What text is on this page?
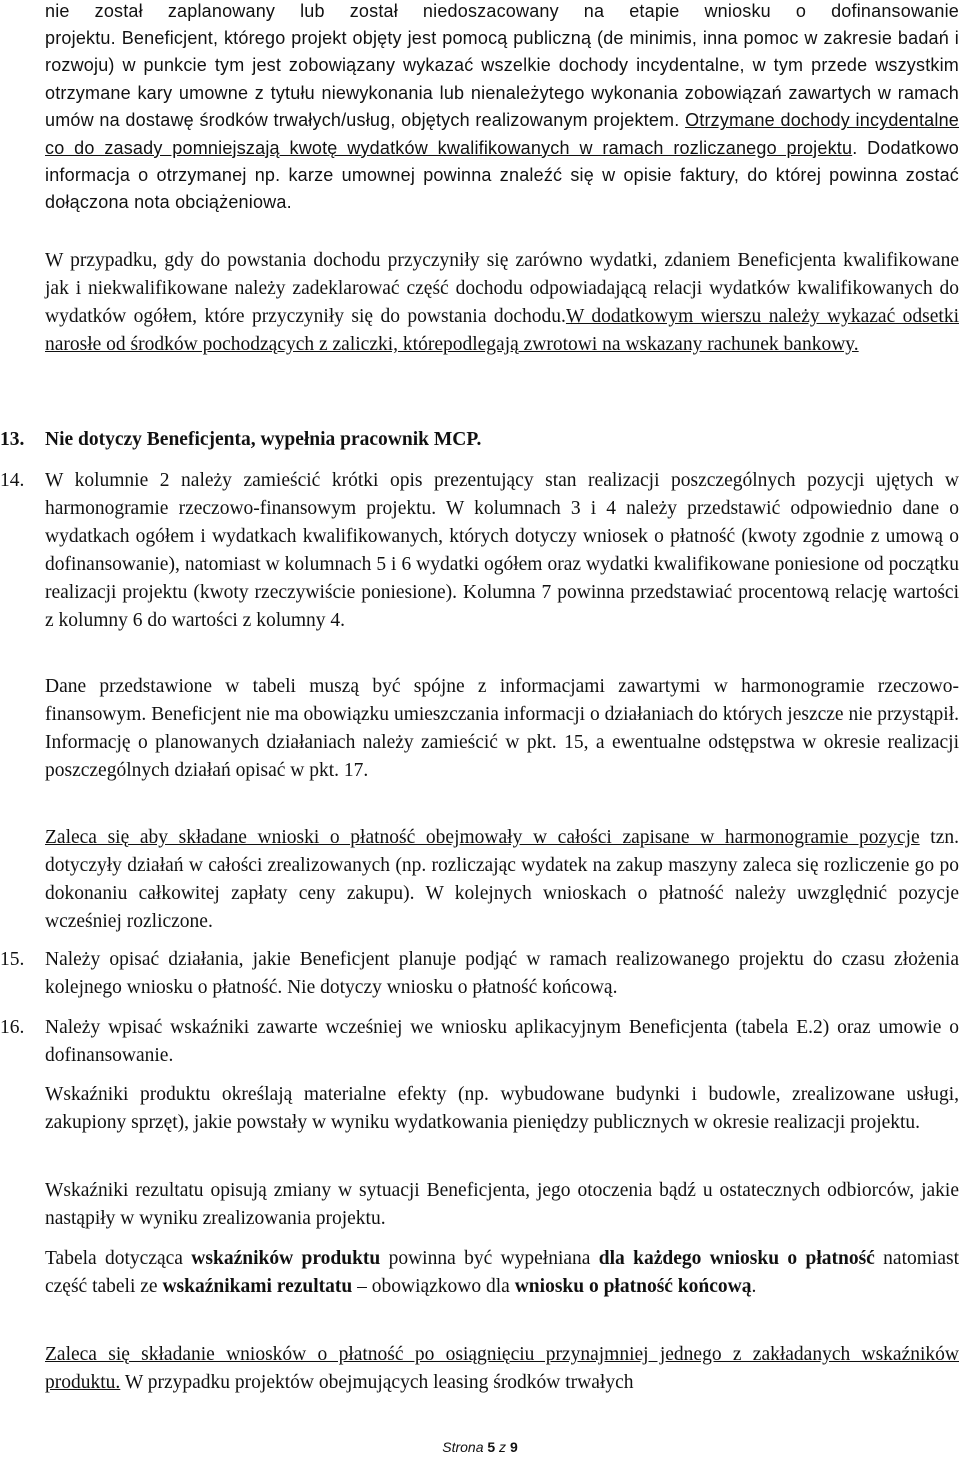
nie został zaplanowany lub został niedoszacowany na etapie wniosku o dofinansowanie

projektu. Beneficjent, którego projekt objęty jest pomocą publiczną (de minimis, inna pomoc w zakresie badań i rozwoju) w punkcie tym jest zobowiązany wykazać wszelkie dochody incydentalne, w tym przede wszystkim otrzymane kary umowne z tytułu niewykonania lub nienależytego wykonania zobowiązań zawartych w ramach umów na dostawę środków trwałych/usług, objętych realizowanym projektem. Otrzymane dochody incydentalne co do zasady pomniejszają kwotę wydatków kwalifikowanych w ramach rozliczanego projektu. Dodatkowo informacja o otrzymanej np. karze umownej powinna znaleźć się w opisie faktury, do której powinna zostać dołączona nota obciążeniowa.

W przypadku, gdy do powstania dochodu przyczyniły się zarówno wydatki, zdaniem Beneficjenta kwalifikowane jak i niekwalifikowane należy zadeklarować część dochodu odpowiadającą relacji wydatków kwalifikowanych do wydatków ogółem, które przyczyniły się do powstania dochodu.W dodatkowym wierszu należy wykazać odsetki narosłe od środków pochodzących z zaliczki, którepodlegają zwrotowi na wskazany rachunek bankowy.

13. Nie dotyczy Beneficjenta, wypełnia pracownik MCP.

14. W kolumnie 2 należy zamieścić krótki opis prezentujący stan realizacji poszczególnych pozycji ujętych w harmonogramie rzeczowo-finansowym projektu. W kolumnach 3 i 4 należy przedstawić odpowiednio dane o wydatkach ogółem i wydatkach kwalifikowanych, których dotyczy wniosek o płatność (kwoty zgodnie z umową o dofinansowanie), natomiast w kolumnach 5 i 6 wydatki ogółem oraz wydatki kwalifikowane poniesione od początku realizacji projektu (kwoty rzeczywiście poniesione). Kolumna 7 powinna przedstawiać procentową relację wartości z kolumny 6 do wartości z kolumny 4.

Dane przedstawione w tabeli muszą być spójne z informacjami zawartymi w harmonogramie rzeczowo-finansowym. Beneficjent nie ma obowiązku umieszczania informacji o działaniach do których jeszcze nie przystąpił. Informację o planowanych działaniach należy zamieścić w pkt. 15, a ewentualne odstępstwa w okresie realizacji poszczególnych działań opisać w pkt. 17.

Zaleca się aby składane wnioski o płatność obejmowały w całości zapisane w harmonogramie pozycje tzn. dotyczyły działań w całości zrealizowanych (np. rozliczając wydatek na zakup maszyny zaleca się rozliczenie go po dokonaniu całkowitej zapłaty ceny zakupu). W kolejnych wnioskach o płatność należy uwzględnić pozycje wcześniej rozliczone.

15. Należy opisać działania, jakie Beneficjent planuje podjąć w ramach realizowanego projektu do czasu złożenia kolejnego wniosku o płatność. Nie dotyczy wniosku o płatność końcową.

16. Należy wpisać wskaźniki zawarte wcześniej we wniosku aplikacyjnym Beneficjenta (tabela E.2) oraz umowie o dofinansowanie.

Wskaźniki produktu określają materialne efekty (np. wybudowane budynki i budowle, zrealizowane usługi, zakupiony sprzęt), jakie powstały w wyniku wydatkowania pieniędzy publicznych w okresie realizacji projektu.

Wskaźniki rezultatu opisują zmiany w sytuacji Beneficjenta, jego otoczenia bądź u ostatecznych odbiorców, jakie nastąpiły w wyniku zrealizowania projektu.

Tabela dotycząca wskaźników produktu powinna być wypełniana dla każdego wniosku o płatność natomiast część tabeli ze wskaźnikami rezultatu – obowiązkowo dla wniosku o płatność końcową.

Zaleca się składanie wniosków o płatność po osiągnięciu przynajmniej jednego z zakładanych wskaźników produktu. W przypadku projektów obejmujących leasing środków trwałych

Strona 5 z 9
